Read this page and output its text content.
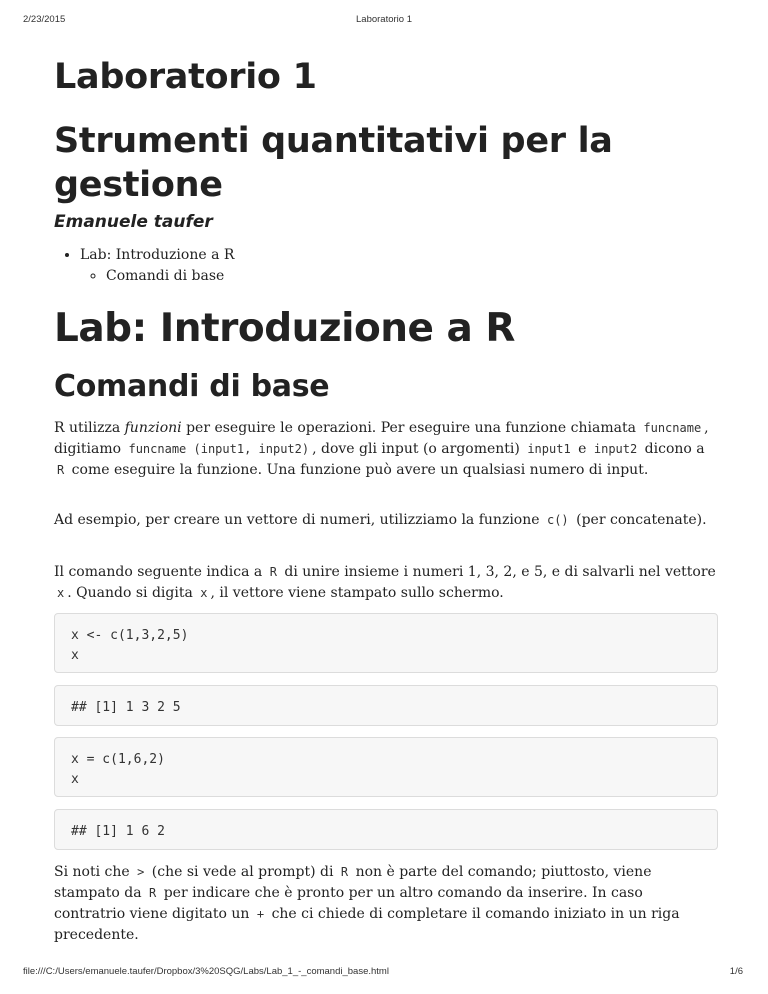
2/23/2015	Laboratorio 1
Laboratorio 1
Strumenti quantitativi per la gestione
Emanuele taufer
• Lab: Introduzione a R
◦ Comandi di base
Lab: Introduzione a R
Comandi di base

R utilizza funzioni per eseguire le operazioni. Per eseguire una funzione chiamata funcname , digitiamo funcname (input1, input2) , dove gli input (o argomenti) input1 e input2 dicono a R come eseguire la funzione. Una funzione può avere un qualsiasi numero di input.

Ad esempio, per creare un vettore di numeri, utilizziamo la funzione c() (per concatenate).

Il comando seguente indica a R di unire insieme i numeri 1, 3, 2, e 5, e di salvarli nel vettore x . Quando si digita x , il vettore viene stampato sullo schermo.

x <- c(1,3,2,5)
x
## [1] 1 3 2 5
x = c(1,6,2)
x
## [1] 1 6 2

Si noti che > (che si vede al prompt) di R non è parte del comando; piuttosto, viene stampato da R per indicare che è pronto per un altro comando da inserire. In caso contratrio viene digitato un + che ci chiede di completare il comando iniziato in un riga precedente.

file:///C:/Users/emanuele.taufer/Dropbox/3%20SQG/Labs/Lab_1_-_comandi_base.html	1/6
